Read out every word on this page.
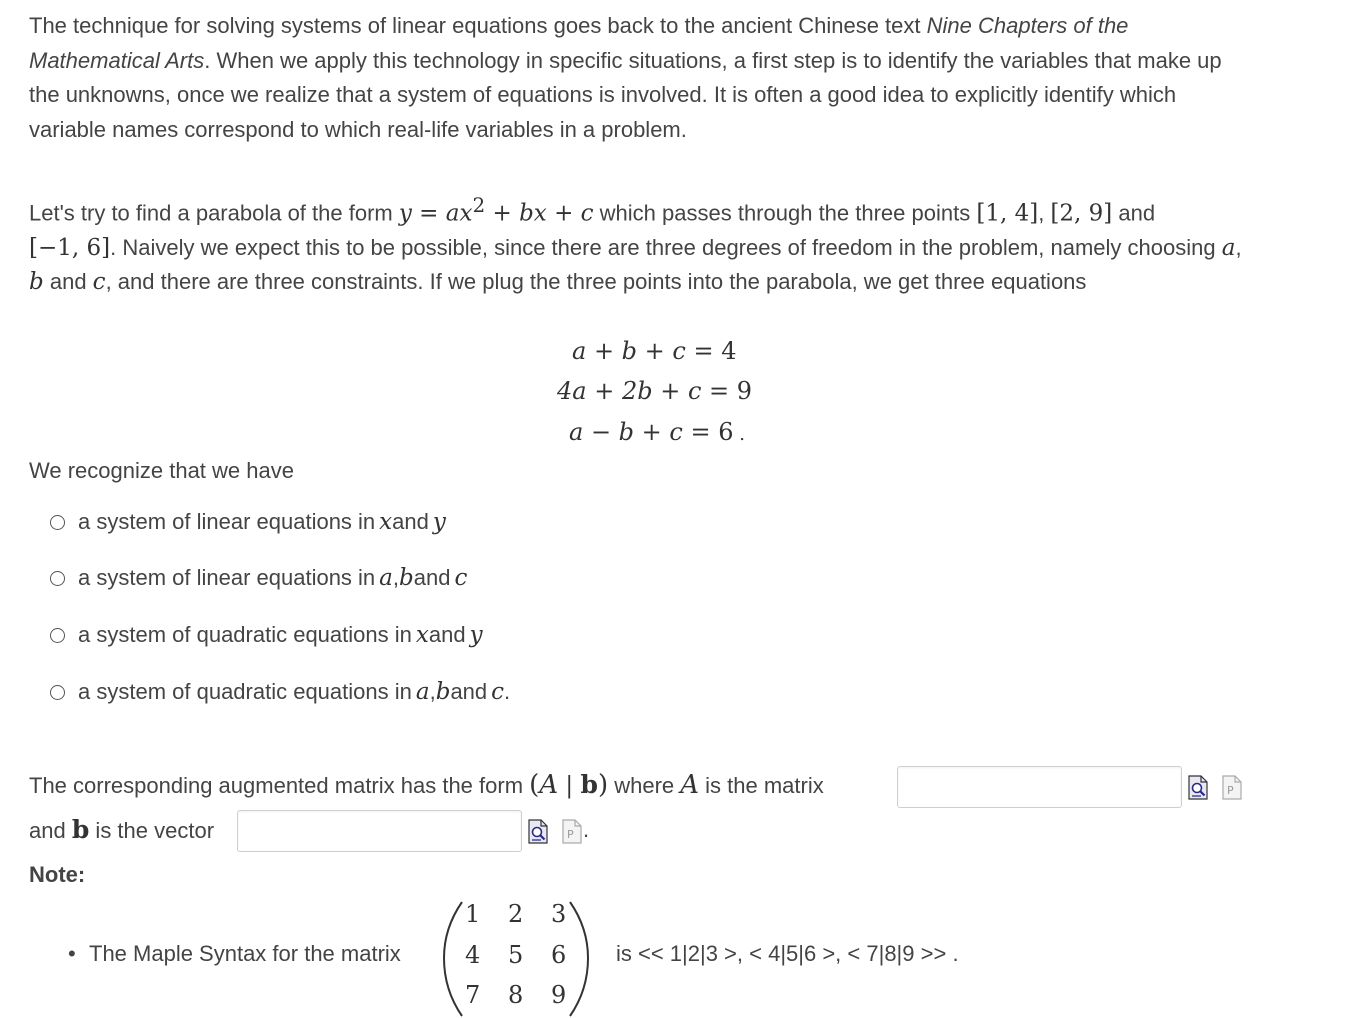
The technique for solving systems of linear equations goes back to the ancient Chinese text Nine Chapters of the Mathematical Arts. When we apply this technology in specific situations, a first step is to identify the variables that make up the unknowns, once we realize that a system of equations is involved. It is often a good idea to explicitly identify which variable names correspond to which real-life variables in a problem.
Let's try to find a parabola of the form $y = ax^2$ + bx + c which passes through the three points [1, 4], [2, 9] and
[−1, 6]. Naively we expect this to be possible, since there are three degrees of freedom in the problem, namely choosing a, b and c, and there are three constraints. If we plug the three points into the parabola, we get three equations
a + b + c = 4
4a + 2b + c = 9
a − b + c = 6 .
We recognize that we have
a system of linear equations in x and y
a system of linear equations in a , b and c
a system of quadratic equations in x and y
a system of quadratic equations in a , b and c .
The corresponding augmented matrix has the form (A | b) where A is the matrix	P
and b is the vector	P .
Note:
• The Maple Syntax for the matrix
1 2 3
4 5 6
7 8 9
is << 1|2|3 >, < 4|5|6 >, < 7|8|9 >> .
